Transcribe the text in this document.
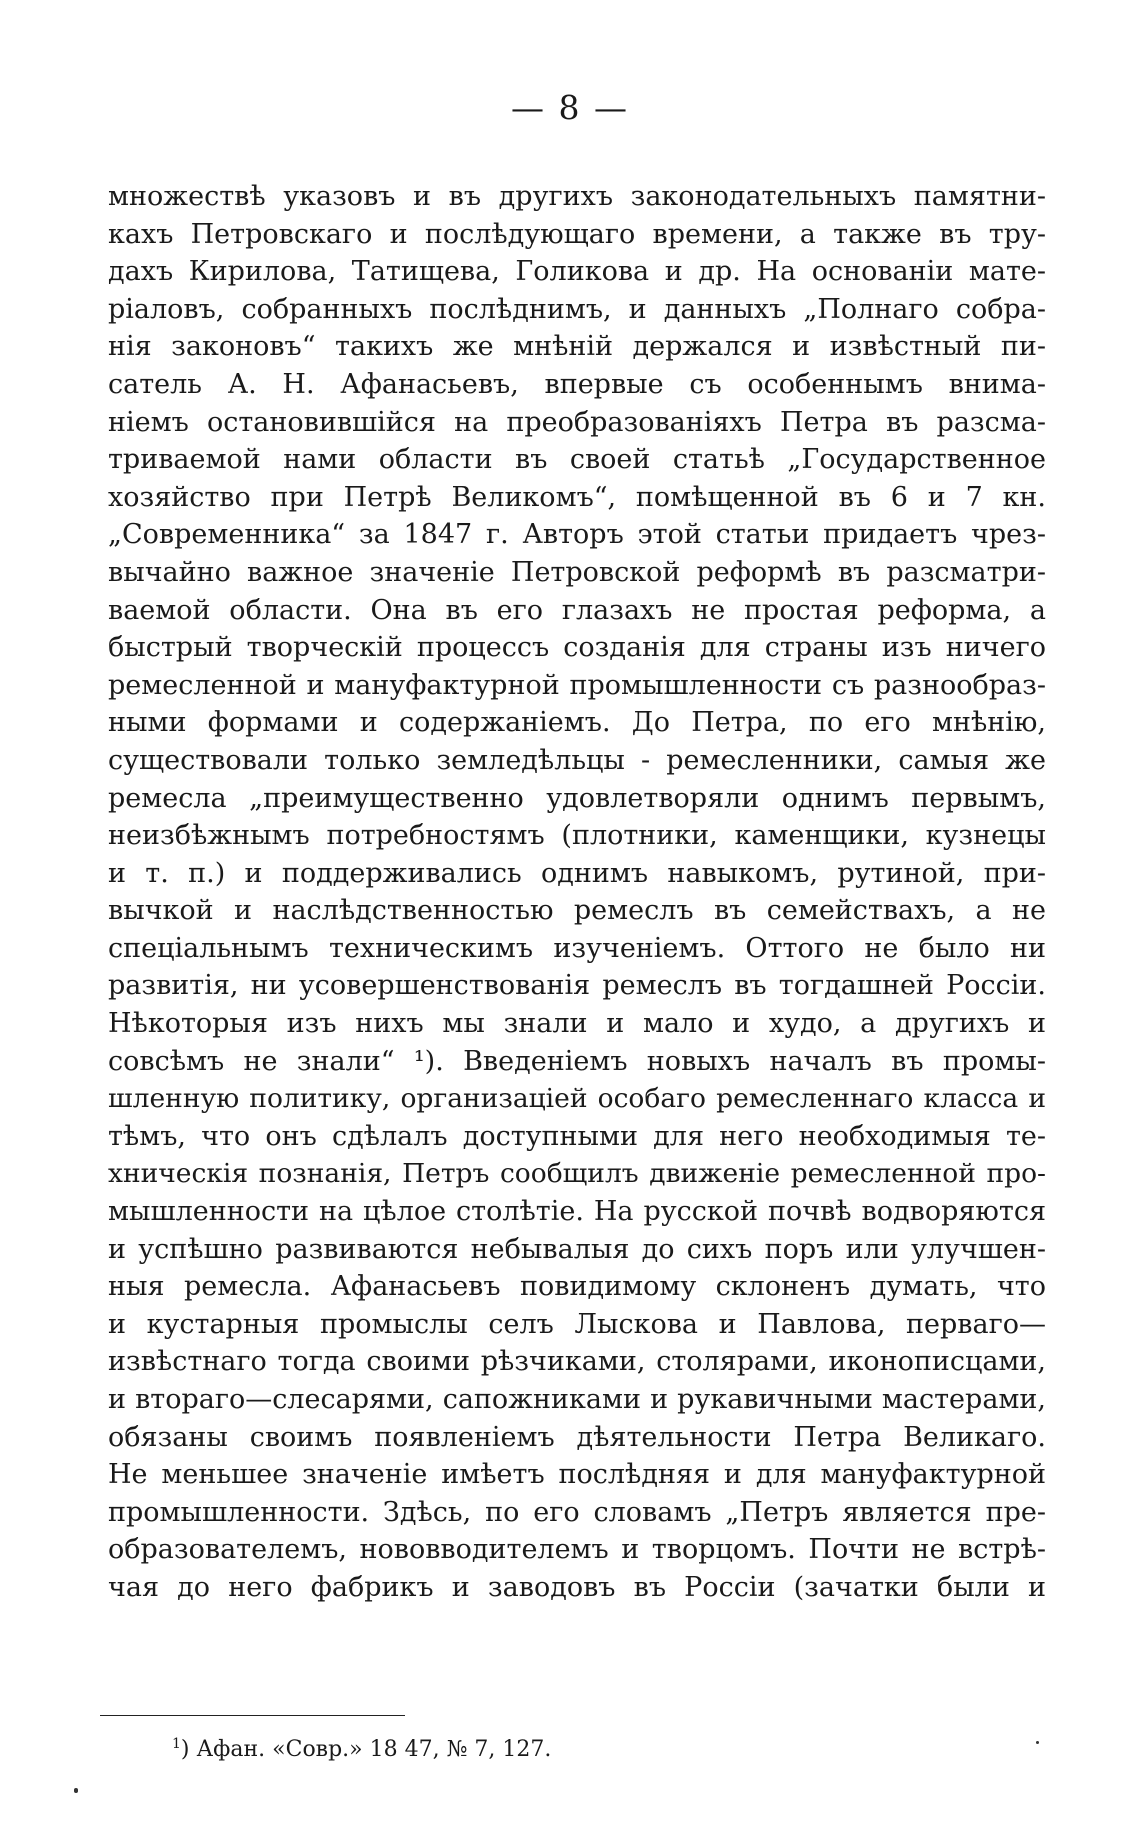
— 8 —
множествѣ указовъ и въ другихъ законодательныхъ памятни-
кахъ Петровскаго и послѣдующаго времени, а также въ тру-
дахъ Кирилова, Татищева, Голикова и др. На основаніи мате-
ріаловъ, собранныхъ послѣднимъ, и данныхъ „Полнаго собра-
нія законовъ“ такихъ же мнѣній держался и извѣстный пи-
сатель А. Н. Афанасьевъ, впервые съ особеннымъ внима-
ніемъ остановившійся на преобразованіяхъ Петра въ разсма-
триваемой нами области въ своей статьѣ „Государственное
хозяйство при Петрѣ Великомъ“, помѣщенной въ 6 и 7 кн.
„Современника“ за 1847 г. Авторъ этой статьи придаетъ чрез-
вычайно важное значеніе Петровской реформѣ въ разсматри-
ваемой области. Она въ его глазахъ не простая реформа, а
быстрый творческій процессъ созданія для страны изъ ничего
ремесленной и мануфактурной промышленности съ разнообраз-
ными формами и содержаніемъ. До Петра, по его мнѣнію,
существовали только земледѣльцы - ремесленники, самыя же
ремесла „преимущественно удовлетворяли однимъ первымъ,
неизбѣжнымъ потребностямъ (плотники, каменщики, кузнецы
и т. п.) и поддерживались однимъ навыкомъ, рутиной, при-
вычкой и наслѣдственностью ремеслъ въ семействахъ, а не
спеціальнымъ техническимъ изученіемъ. Оттого не было ни
развитія, ни усовершенствованія ремеслъ въ тогдашней Россіи.
Нѣкоторыя изъ нихъ мы знали и мало и худо, а другихъ и
совсѣмъ не знали“ ¹). Введеніемъ новыхъ началъ въ промы-
шленную политику, организаціей особаго ремесленнаго класса и
тѣмъ, что онъ сдѣлалъ доступными для него необходимыя те-
хническія познанія, Петръ сообщилъ движеніе ремесленной про-
мышленности на цѣлое столѣтіе. На русской почвѣ водворяются
и успѣшно развиваются небывалыя до сихъ поръ или улучшен-
ныя ремесла. Афанасьевъ повидимому склоненъ думать, что
и кустарныя промыслы селъ Лыскова и Павлова, перваго—
извѣстнаго тогда своими рѣзчиками, столярами, иконописцами,
и втораго—слесарями, сапожниками и рукавичными мастерами,
обязаны своимъ появленіемъ дѣятельности Петра Великаго.
Не меньшее значеніе имѣетъ послѣдняя и для мануфактурной
промышленности. Здѣсь, по его словамъ „Петръ является пре-
образователемъ, нововводителемъ и творцомъ. Почти не встрѣ-
чая до него фабрикъ и заводовъ въ Россіи (зачатки были и
$^1$) Афан. «Совр.» 18 47, № 7, 127.
